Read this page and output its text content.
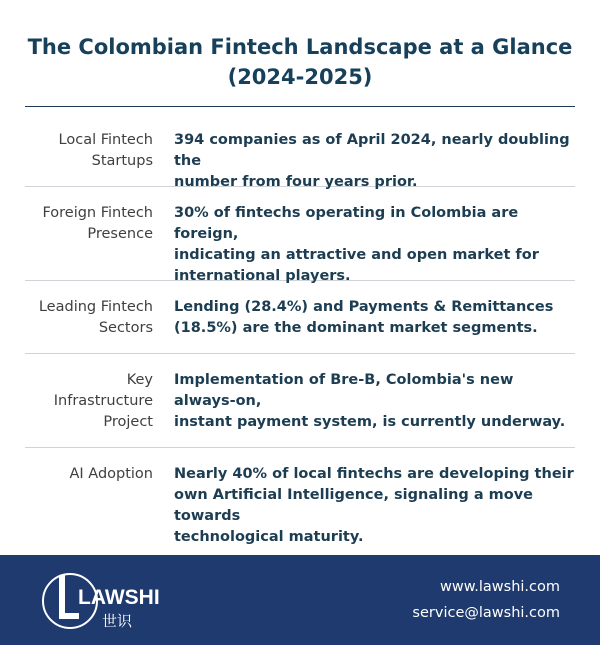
The Colombian Fintech Landscape at a Glance
(2024-2025)
Local Fintech
Startups
394 companies as of April 2024, nearly doubling the
number from four years prior.
Foreign Fintech
Presence
30% of fintechs operating in Colombia are foreign,
indicating an attractive and open market for
international players.
Leading Fintech
Sectors
Lending (28.4%) and Payments & Remittances
(18.5%) are the dominant market segments.
Key
Infrastructure
Project
Implementation of Bre-B, Colombia's new always-on,
instant payment system, is currently underway.
AI Adoption Nearly 40% of local fintechs are developing their
own Artificial Intelligence, signaling a move towards
technological maturity.
LAWSHI
世识
www.lawshi.com
service@lawshi.com
